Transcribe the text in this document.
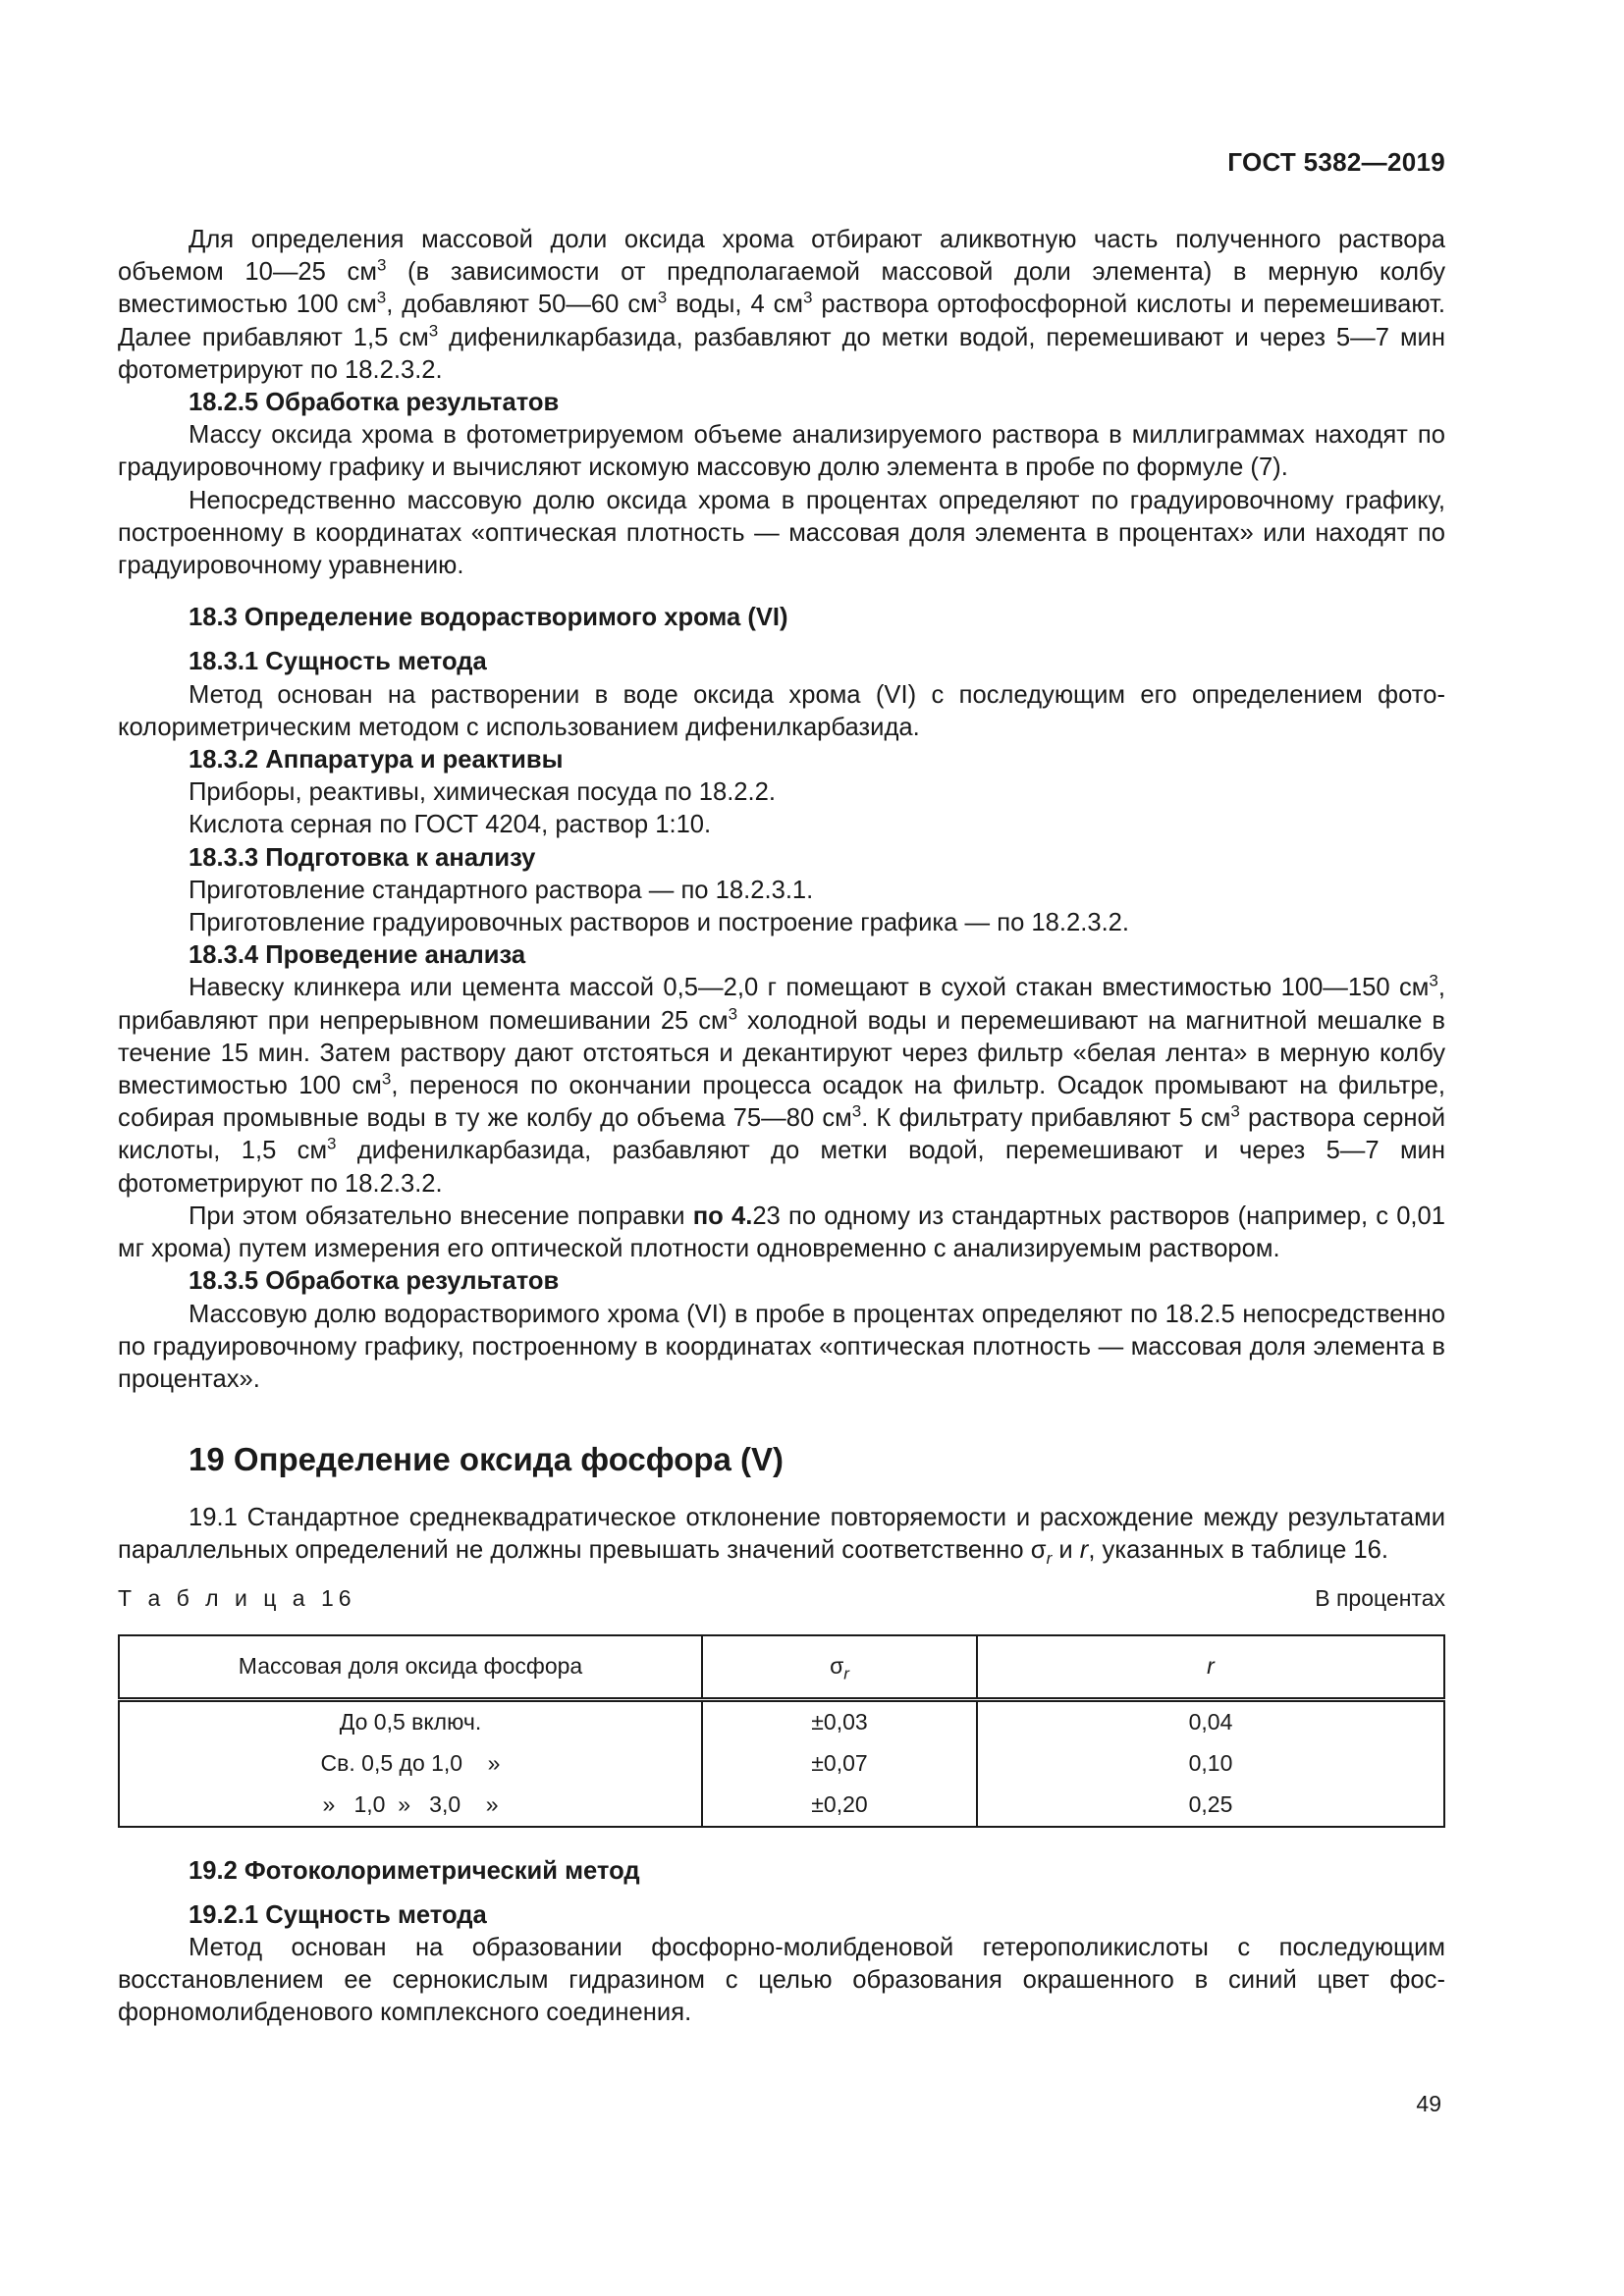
ГОСТ 5382—2019

Для определения массовой доли оксида хрома отбирают аликвотную часть полученного раствора объемом 10—25 $см^3$ (в зависимости от предполагаемой массовой доли элемента) в мерную колбу вместимостью 100 $см^3$, добавляют 50—60 $см^3$ воды, 4 $см^3$ раствора ортофосфорной кислоты и перемешивают. Далее прибавляют 1,5 $см^3$ дифенилкарбазида, разбавляют до метки водой, перемешивают и через 5—7 мин фотометрируют по 18.2.3.2.

18.2.5 Обработка результатов

Массу оксида хрома в фотометрируемом объеме анализируемого раствора в миллиграммах находят по градуировочному графику и вычисляют искомую массовую долю элемента в пробе по формуле (7).

Непосредственно массовую долю оксида хрома в процентах определяют по градуировочному графику, построенному в координатах «оптическая плотность — массовая доля элемента в процентах» или находят по градуировочному уравнению.

18.3 Определение водорастворимого хрома (VI)
18.3.1 Сущность метода

Метод основан на растворении в воде оксида хрома (VI) с последующим его определением фотоколориметрическим методом с использованием дифенилкарбазида.

18.3.2 Аппаратура и реактивы

Приборы, реактивы, химическая посуда по 18.2.2.

Кислота серная по ГОСТ 4204, раствор 1:10.

18.3.3 Подготовка к анализу

Приготовление стандартного раствора — по 18.2.3.1.

Приготовление градуировочных растворов и построение графика — по 18.2.3.2.

18.3.4 Проведение анализа

Навеску клинкера или цемента массой 0,5—2,0 г помещают в сухой стакан вместимостью 100—150 $см^3$, прибавляют при непрерывном помешивании 25 $см^3$ холодной воды и перемешивают на магнитной мешалке в течение 15 мин. Затем раствору дают отстояться и декантируют через фильтр «белая лента» в мерную колбу вместимостью 100 $см^3$, перенося по окончании процесса осадок на фильтр. Осадок промывают на фильтре, собирая промывные воды в ту же колбу до объема 75—80 $см^3$. К фильтрату прибавляют 5 $см^3$ раствора серной кислоты, 1,5 $см^3$ дифенилкарбазида, разбавляют до метки водой, перемешивают и через 5—7 мин фотометрируют по 18.2.3.2.

При этом обязательно внесение поправки по 4.23 по одному из стандартных растворов (например, с 0,01 мг хрома) путем измерения его оптической плотности одновременно с анализируемым раствором.

18.3.5 Обработка результатов

Массовую долю водорастворимого хрома (VI) в пробе в процентах определяют по 18.2.5 непосредственно по градуировочному графику, построенному в координатах «оптическая плотность — массовая доля элемента в процентах».

19 Определение оксида фосфора (V)

19.1 Стандартное среднеквадратическое отклонение повторяемости и расхождение между результатами параллельных определений не должны превышать значений соответственно $\sigma_r$ и r, указанных в таблице 16.

Т а б л и ц а 16	В процентах
Массовая доля оксида фосфора	$\sigma_r$	r
До 0,5 включ.	±0,03	0,04
Св. 0,5 до 1,0    »	±0,07	0,10
»   1,0  »   3,0    »	±0,20	0,25
19.2 Фотоколориметрический метод
19.2.1 Сущность метода

Метод основан на образовании фосфорно-молибденовой гетерополикислоты с последующим восстановлением ее сернокислым гидразином с целью образования окрашенного в синий цвет фосфорномолибденового комплексного соединения.

49
